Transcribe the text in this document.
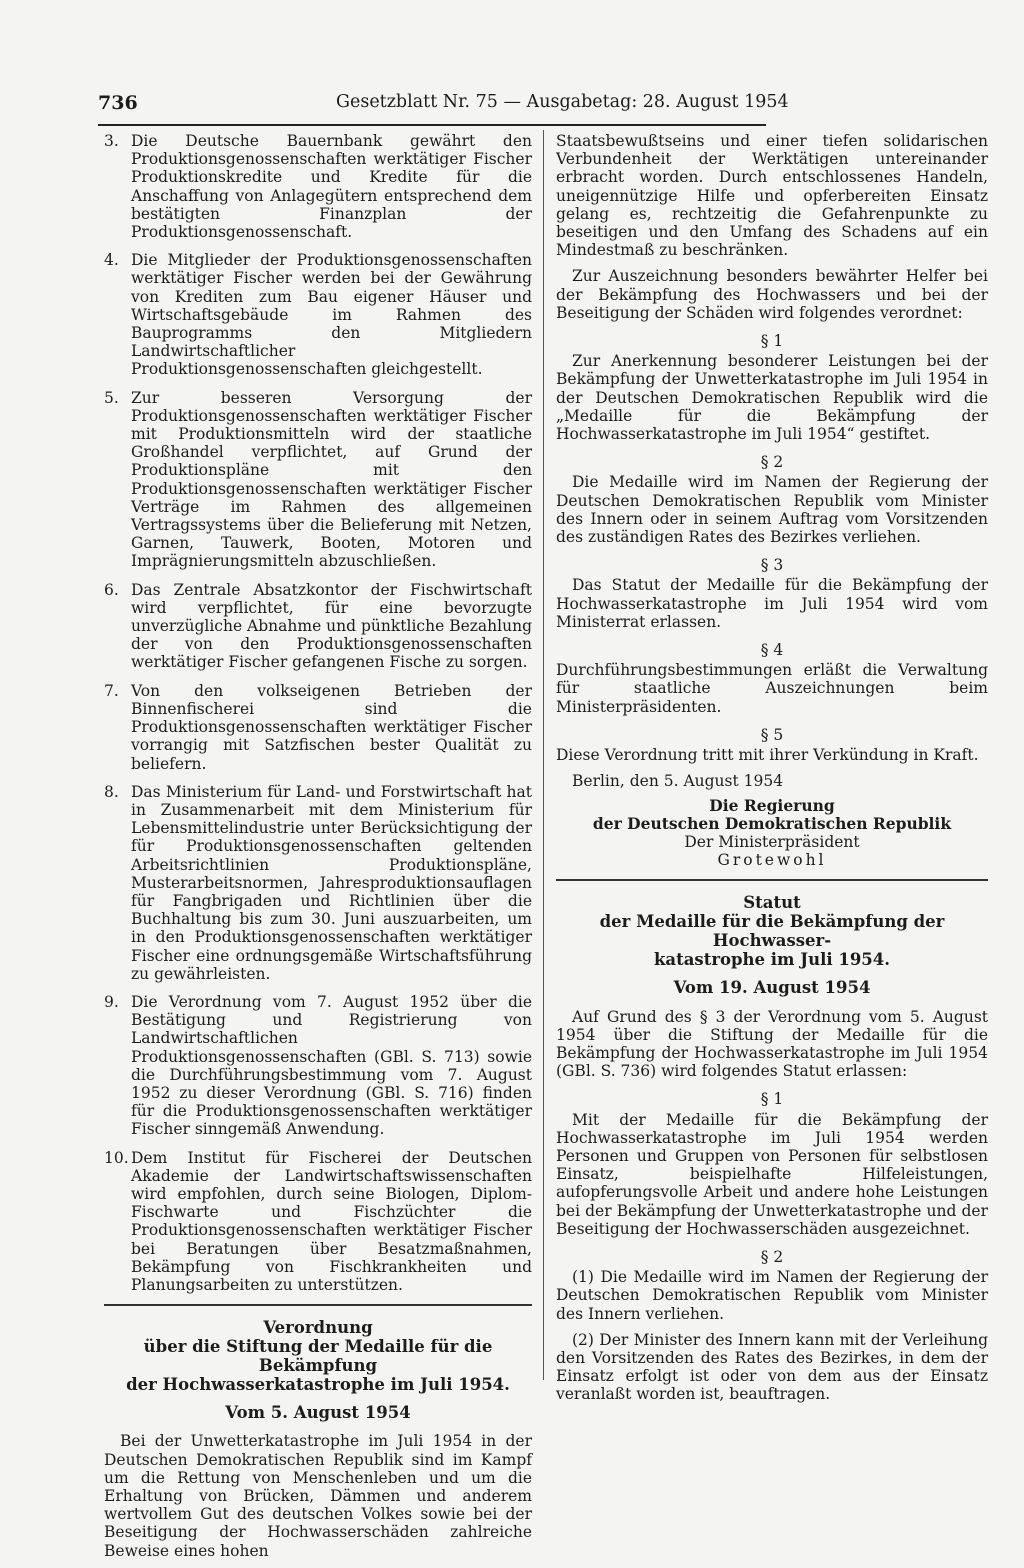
736	Gesetzblatt Nr. 75 — Ausgabetag: 28. August 1954
3. Die Deutsche Bauernbank gewährt den Produktionsgenossenschaften werktätiger Fischer Produktionskredite und Kredite für die Anschaffung von Anlagegütern entsprechend dem bestätigten Finanzplan der Produktionsgenossenschaft.
4. Die Mitglieder der Produktionsgenossenschaften werktätiger Fischer werden bei der Gewährung von Krediten zum Bau eigener Häuser und Wirtschaftsgebäude im Rahmen des Bauprogramms den Mitgliedern Landwirtschaftlicher Produktionsgenossenschaften gleichgestellt.
5. Zur besseren Versorgung der Produktionsgenossenschaften werktätiger Fischer mit Produktionsmitteln wird der staatliche Großhandel verpflichtet, auf Grund der Produktionspläne mit den Produktionsgenossenschaften werktätiger Fischer Verträge im Rahmen des allgemeinen Vertragssystems über die Belieferung mit Netzen, Garnen, Tauwerk, Booten, Motoren und Imprägnierungsmitteln abzuschließen.
6. Das Zentrale Absatzkontor der Fischwirtschaft wird verpflichtet, für eine bevorzugte unverzügliche Abnahme und pünktliche Bezahlung der von den Produktionsgenossenschaften werktätiger Fischer gefangenen Fische zu sorgen.
7. Von den volkseigenen Betrieben der Binnenfischerei sind die Produktionsgenossenschaften werktätiger Fischer vorrangig mit Satzfischen bester Qualität zu beliefern.
8. Das Ministerium für Land- und Forstwirtschaft hat in Zusammenarbeit mit dem Ministerium für Lebensmittelindustrie unter Berücksichtigung der für Produktionsgenossenschaften geltenden Arbeitsrichtlinien Produktionspläne, Musterarbeitsnormen, Jahresproduktionsauflagen für Fangbrigaden und Richtlinien über die Buchhaltung bis zum 30. Juni auszuarbeiten, um in den Produktionsgenossenschaften werktätiger Fischer eine ordnungsgemäße Wirtschaftsführung zu gewährleisten.
9. Die Verordnung vom 7. August 1952 über die Bestätigung und Registrierung von Landwirtschaftlichen Produktionsgenossenschaften (GBl. S. 713) sowie die Durchführungsbestimmung vom 7. August 1952 zu dieser Verordnung (GBl. S. 716) finden für die Produktionsgenossenschaften werktätiger Fischer sinngemäß Anwendung.
10. Dem Institut für Fischerei der Deutschen Akademie der Landwirtschaftswissenschaften wird empfohlen, durch seine Biologen, Diplom-Fischwarte und Fischzüchter die Produktionsgenossenschaften werktätiger Fischer bei Beratungen über Besatzmaßnahmen, Bekämpfung von Fischkrankheiten und Planungsarbeiten zu unterstützen.

Verordnung

über die Stiftung der Medaille für die Bekämpfung

der Hochwasserkatastrophe im Juli 1954.

Vom 5. August 1954

Bei der Unwetterkatastrophe im Juli 1954 in der Deutschen Demokratischen Republik sind im Kampf um die Rettung von Menschenleben und um die Erhaltung von Brücken, Dämmen und anderem wertvollem Gut des deutschen Volkes sowie bei der Beseitigung der Hochwasserschäden zahlreiche Beweise eines hohen

Staatsbewußtseins und einer tiefen solidarischen Verbundenheit der Werktätigen untereinander erbracht worden. Durch entschlossenes Handeln, uneigennützige Hilfe und opferbereiten Einsatz gelang es, rechtzeitig die Gefahrenpunkte zu beseitigen und den Umfang des Schadens auf ein Mindestmaß zu beschränken.

Zur Auszeichnung besonders bewährter Helfer bei der Bekämpfung des Hochwassers und bei der Beseitigung der Schäden wird folgendes verordnet:

§ 1

Zur Anerkennung besonderer Leistungen bei der Bekämpfung der Unwetterkatastrophe im Juli 1954 in der Deutschen Demokratischen Republik wird die „Medaille für die Bekämpfung der Hochwasserkatastrophe im Juli 1954“ gestiftet.

§ 2

Die Medaille wird im Namen der Regierung der Deutschen Demokratischen Republik vom Minister des Innern oder in seinem Auftrag vom Vorsitzenden des zuständigen Rates des Bezirkes verliehen.

§ 3

Das Statut der Medaille für die Bekämpfung der Hochwasserkatastrophe im Juli 1954 wird vom Ministerrat erlassen.

§ 4

Durchführungsbestimmungen erläßt die Verwaltung für staatliche Auszeichnungen beim Ministerpräsidenten.

§ 5

Diese Verordnung tritt mit ihrer Verkündung in Kraft.

Berlin, den 5. August 1954

Die Regierung

der Deutschen Demokratischen Republik

Der Ministerpräsident

Grotewohl

Statut

der Medaille für die Bekämpfung der Hochwasser-

katastrophe im Juli 1954.

Vom 19. August 1954

Auf Grund des § 3 der Verordnung vom 5. August 1954 über die Stiftung der Medaille für die Bekämpfung der Hochwasserkatastrophe im Juli 1954 (GBl. S. 736) wird folgendes Statut erlassen:

§ 1

Mit der Medaille für die Bekämpfung der Hochwasserkatastrophe im Juli 1954 werden Personen und Gruppen von Personen für selbstlosen Einsatz, beispielhafte Hilfeleistungen, aufopferungsvolle Arbeit und andere hohe Leistungen bei der Bekämpfung der Unwetterkatastrophe und der Beseitigung der Hochwasserschäden ausgezeichnet.

§ 2

(1) Die Medaille wird im Namen der Regierung der Deutschen Demokratischen Republik vom Minister des Innern verliehen.

(2) Der Minister des Innern kann mit der Verleihung den Vorsitzenden des Rates des Bezirkes, in dem der Einsatz erfolgt ist oder von dem aus der Einsatz veranlaßt worden ist, beauftragen.
